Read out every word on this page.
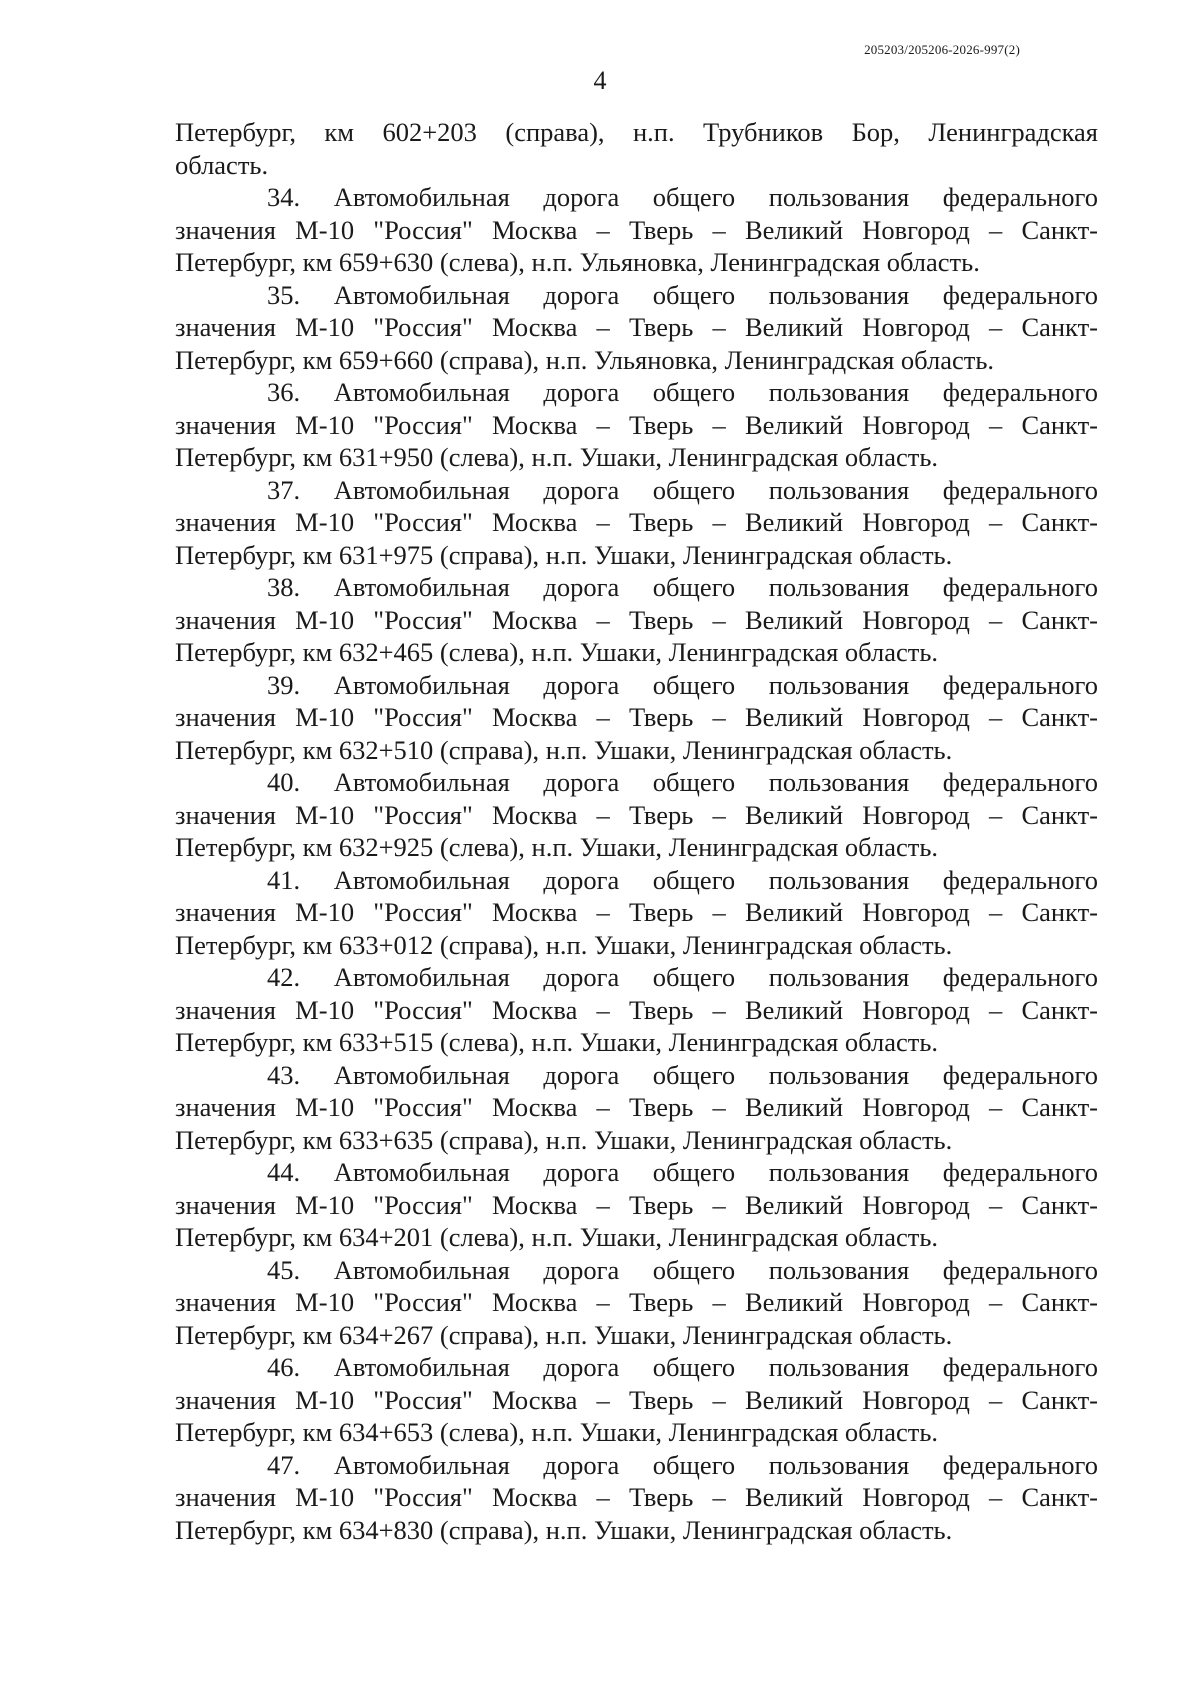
205203/205206-2026-997(2)
4
Петербург, км 602+203 (справа), н.п. Трубников Бор, Ленинградская
область.
34. Автомобильная дорога общего пользования федерального
значения М-10 "Россия" Москва – Тверь – Великий Новгород – Санкт-
Петербург, км 659+630 (слева), н.п. Ульяновка, Ленинградская область.
35. Автомобильная дорога общего пользования федерального
значения М-10 "Россия" Москва – Тверь – Великий Новгород – Санкт-
Петербург, км 659+660 (справа), н.п. Ульяновка, Ленинградская область.
36. Автомобильная дорога общего пользования федерального
значения М-10 "Россия" Москва – Тверь – Великий Новгород – Санкт-
Петербург, км 631+950 (слева), н.п. Ушаки, Ленинградская область.
37. Автомобильная дорога общего пользования федерального
значения М-10 "Россия" Москва – Тверь – Великий Новгород – Санкт-
Петербург, км 631+975 (справа), н.п. Ушаки, Ленинградская область.
38. Автомобильная дорога общего пользования федерального
значения М-10 "Россия" Москва – Тверь – Великий Новгород – Санкт-
Петербург, км 632+465 (слева), н.п. Ушаки, Ленинградская область.
39. Автомобильная дорога общего пользования федерального
значения М-10 "Россия" Москва – Тверь – Великий Новгород – Санкт-
Петербург, км 632+510 (справа), н.п. Ушаки, Ленинградская область.
40. Автомобильная дорога общего пользования федерального
значения М-10 "Россия" Москва – Тверь – Великий Новгород – Санкт-
Петербург, км 632+925 (слева), н.п. Ушаки, Ленинградская область.
41. Автомобильная дорога общего пользования федерального
значения М-10 "Россия" Москва – Тверь – Великий Новгород – Санкт-
Петербург, км 633+012 (справа), н.п. Ушаки, Ленинградская область.
42. Автомобильная дорога общего пользования федерального
значения М-10 "Россия" Москва – Тверь – Великий Новгород – Санкт-
Петербург, км 633+515 (слева), н.п. Ушаки, Ленинградская область.
43. Автомобильная дорога общего пользования федерального
значения М-10 "Россия" Москва – Тверь – Великий Новгород – Санкт-
Петербург, км 633+635 (справа), н.п. Ушаки, Ленинградская область.
44. Автомобильная дорога общего пользования федерального
значения М-10 "Россия" Москва – Тверь – Великий Новгород – Санкт-
Петербург, км 634+201 (слева), н.п. Ушаки, Ленинградская область.
45. Автомобильная дорога общего пользования федерального
значения М-10 "Россия" Москва – Тверь – Великий Новгород – Санкт-
Петербург, км 634+267 (справа), н.п. Ушаки, Ленинградская область.
46. Автомобильная дорога общего пользования федерального
значения М-10 "Россия" Москва – Тверь – Великий Новгород – Санкт-
Петербург, км 634+653 (слева), н.п. Ушаки, Ленинградская область.
47. Автомобильная дорога общего пользования федерального
значения М-10 "Россия" Москва – Тверь – Великий Новгород – Санкт-
Петербург, км 634+830 (справа), н.п. Ушаки, Ленинградская область.
